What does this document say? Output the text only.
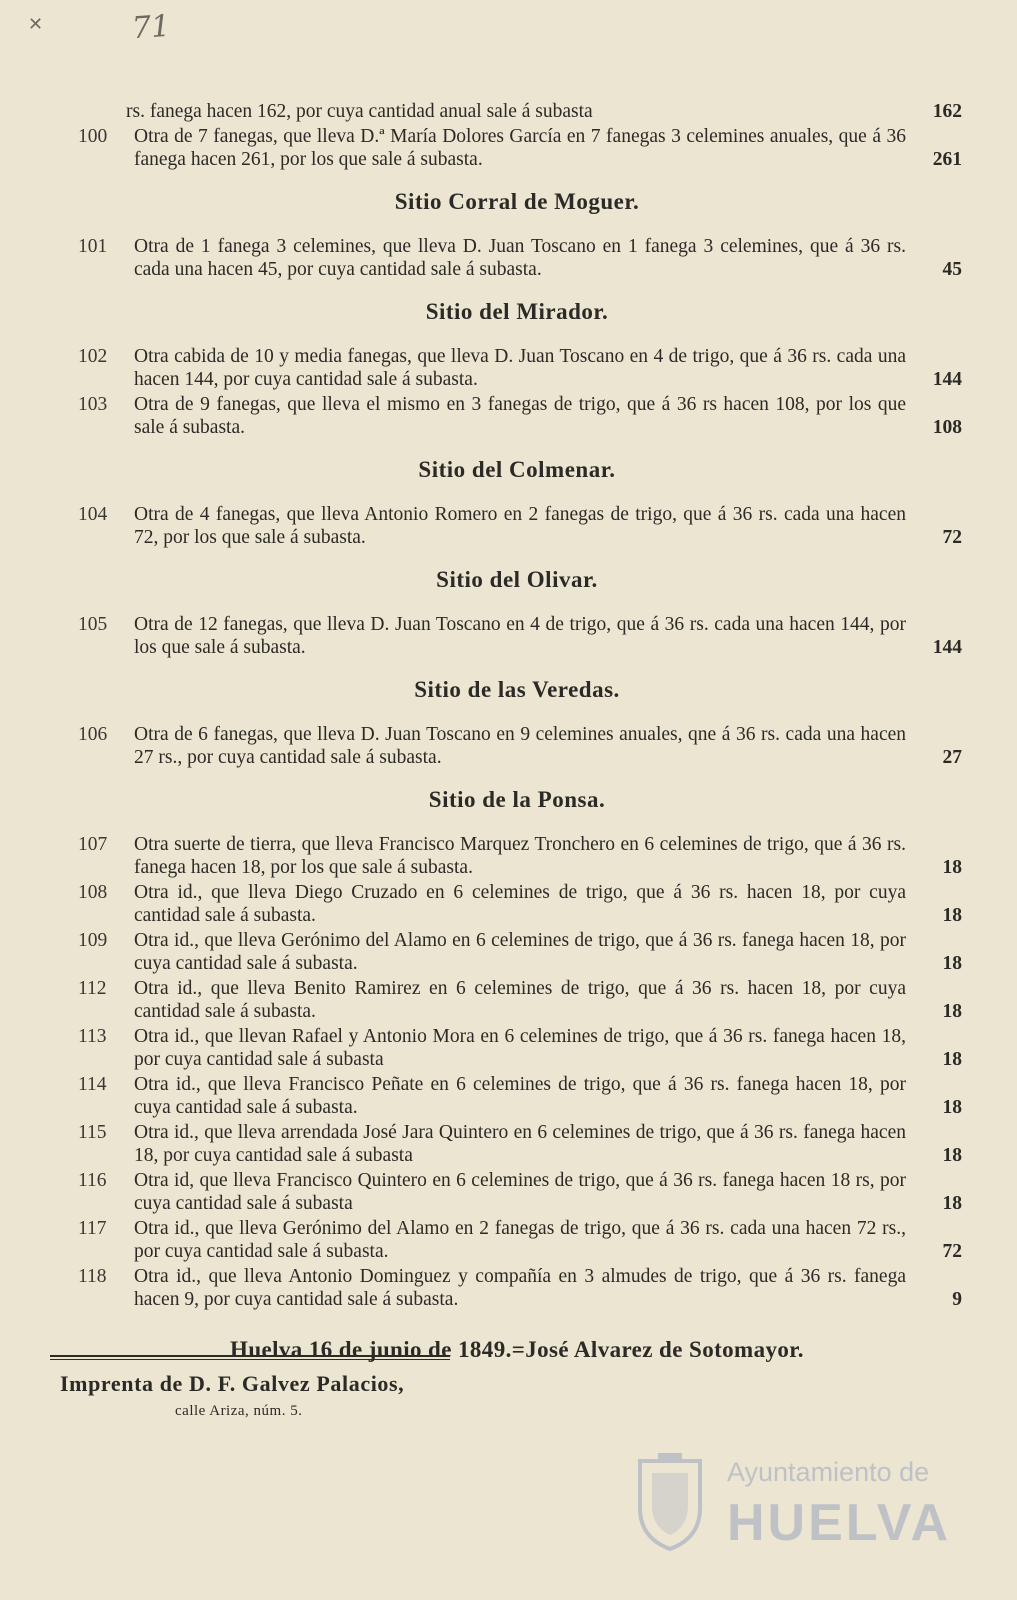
✕	71
rs. fanega hacen 162, por cuya cantidad anual sale á subasta	162
100	Otra de 7 fanegas, que lleva D.ª María Dolores García en 7 fanegas 3 celemines anuales, que á 36 fanega hacen 261, por los que sale á subasta.	261
Sitio Corral de Moguer.
101	Otra de 1 fanega 3 celemines, que lleva D. Juan Toscano en 1 fanega 3 celemines, que á 36 rs. cada una hacen 45, por cuya cantidad sale á subasta.	45
Sitio del Mirador.
102	Otra cabida de 10 y media fanegas, que lleva D. Juan Toscano en 4 de trigo, que á 36 rs. cada una hacen 144, por cuya cantidad sale á subasta.	144
103	Otra de 9 fanegas, que lleva el mismo en 3 fanegas de trigo, que á 36 rs hacen 108, por los que sale á subasta.	108
Sitio del Colmenar.
104	Otra de 4 fanegas, que lleva Antonio Romero en 2 fanegas de trigo, que á 36 rs. cada una hacen 72, por los que sale á subasta.	72
Sitio del Olivar.
105	Otra de 12 fanegas, que lleva D. Juan Toscano en 4 de trigo, que á 36 rs. cada una hacen 144, por los que sale á subasta.	144
Sitio de las Veredas.
106	Otra de 6 fanegas, que lleva D. Juan Toscano en 9 celemines anuales, qne á 36 rs. cada una hacen 27 rs., por cuya cantidad sale á subasta.	27
Sitio de la Ponsa.
107	Otra suerte de tierra, que lleva Francisco Marquez Tronchero en 6 celemines de trigo, que á 36 rs. fanega hacen 18, por los que sale á subasta.	18
108	Otra id., que lleva Diego Cruzado en 6 celemines de trigo, que á 36 rs. hacen 18, por cuya cantidad sale á subasta.	18
109	Otra id., que lleva Gerónimo del Alamo en 6 celemines de trigo, que á 36 rs. fanega hacen 18, por cuya cantidad sale á subasta.	18
112	Otra id., que lleva Benito Ramirez en 6 celemines de trigo, que á 36 rs. hacen 18, por cuya cantidad sale á subasta.	18
113	Otra id., que llevan Rafael y Antonio Mora en 6 celemines de trigo, que á 36 rs. fanega hacen 18, por cuya cantidad sale á subasta	18
114	Otra id., que lleva Francisco Peñate en 6 celemines de trigo, que á 36 rs. fanega hacen 18, por cuya cantidad sale á subasta.	18
115	Otra id., que lleva arrendada José Jara Quintero en 6 celemines de trigo, que á 36 rs. fanega hacen 18, por cuya cantidad sale á subasta	18
116	Otra id, que lleva Francisco Quintero en 6 celemines de trigo, que á 36 rs. fanega hacen 18 rs, por cuya cantidad sale á subasta	18
117	Otra id., que lleva Gerónimo del Alamo en 2 fanegas de trigo, que á 36 rs. cada una hacen 72 rs., por cuya cantidad sale á subasta.	72
118	Otra id., que lleva Antonio Dominguez y compañía en 3 almudes de trigo, que á 36 rs. fanega hacen 9, por cuya cantidad sale á subasta.	9
Huelva 16 de junio de 1849.=José Alvarez de Sotomayor.
Imprenta de D. F. Galvez Palacios,
calle Ariza, núm. 5.
Ayuntamiento de
HUELVA
